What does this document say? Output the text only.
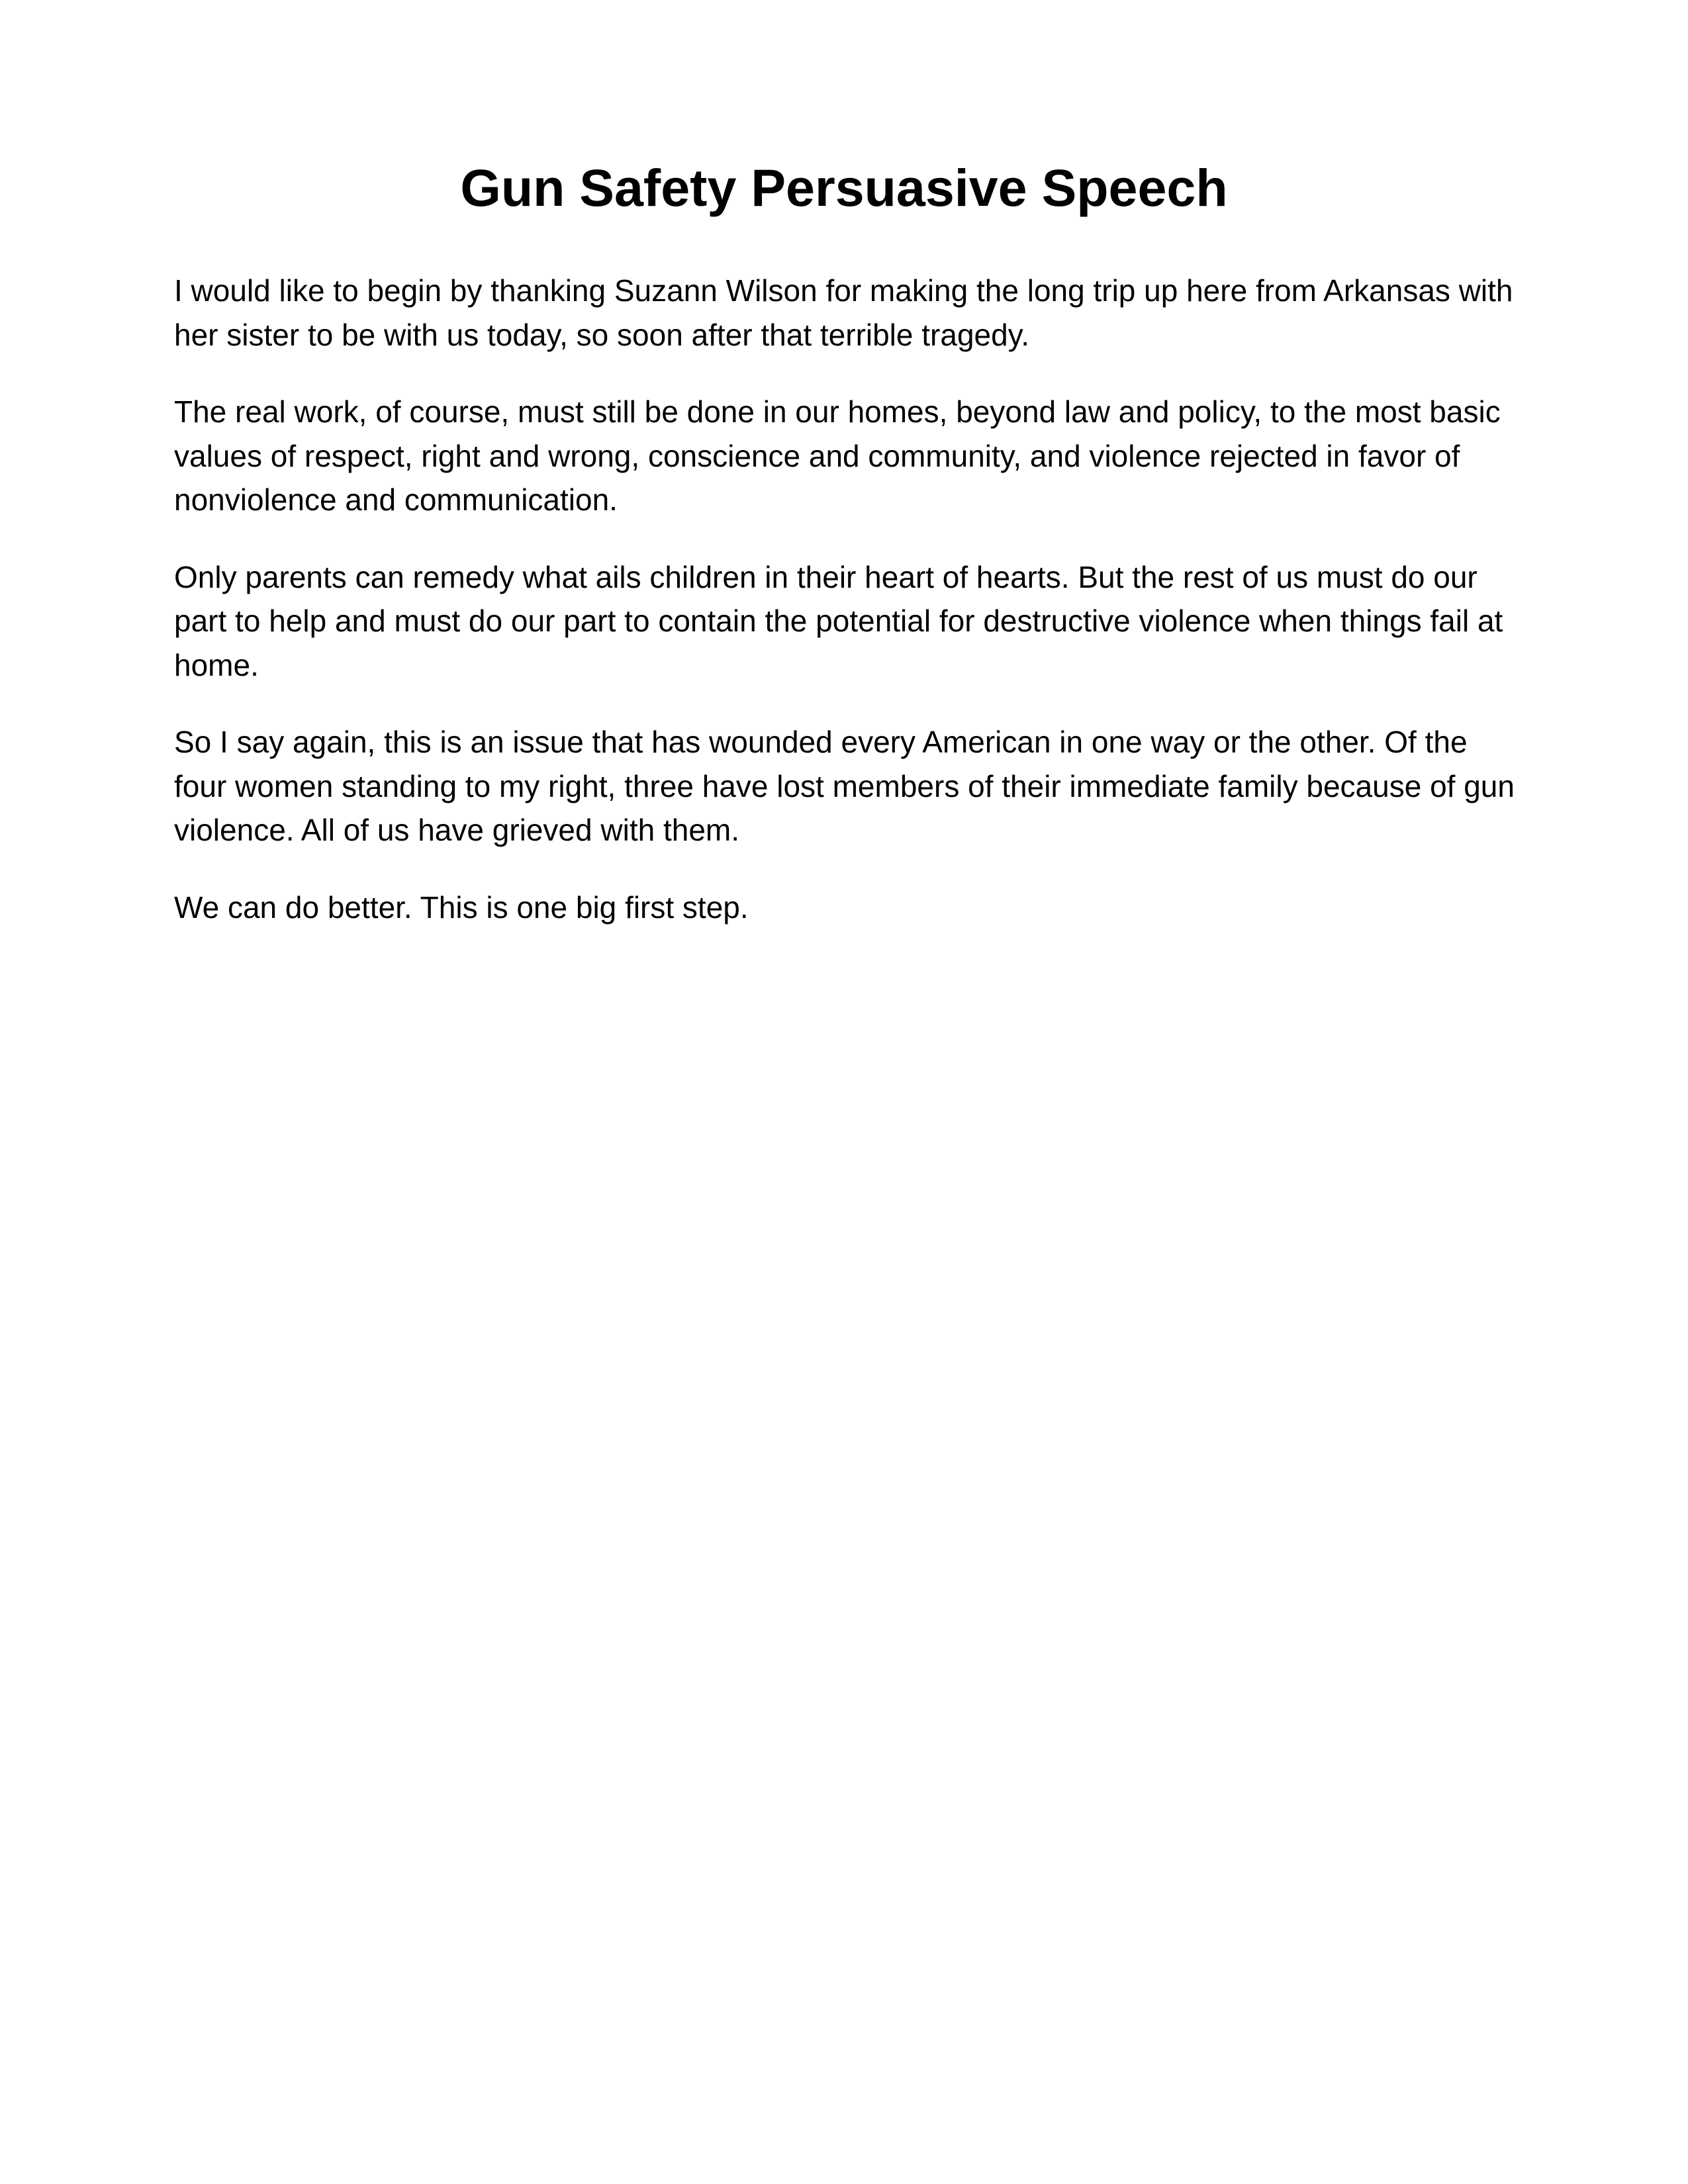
Gun Safety Persuasive Speech

I would like to begin by thanking Suzann Wilson for making the long trip up here from Arkansas with her sister to be with us today, so soon after that terrible tragedy.

The real work, of course, must still be done in our homes, beyond law and policy, to the most basic values of respect, right and wrong, conscience and community, and violence rejected in favor of nonviolence and communication.

Only parents can remedy what ails children in their heart of hearts. But the rest of us must do our part to help and must do our part to contain the potential for destructive violence when things fail at home.

So I say again, this is an issue that has wounded every American in one way or the other. Of the four women standing to my right, three have lost members of their immediate family because of gun violence. All of us have grieved with them.

We can do better. This is one big first step.
